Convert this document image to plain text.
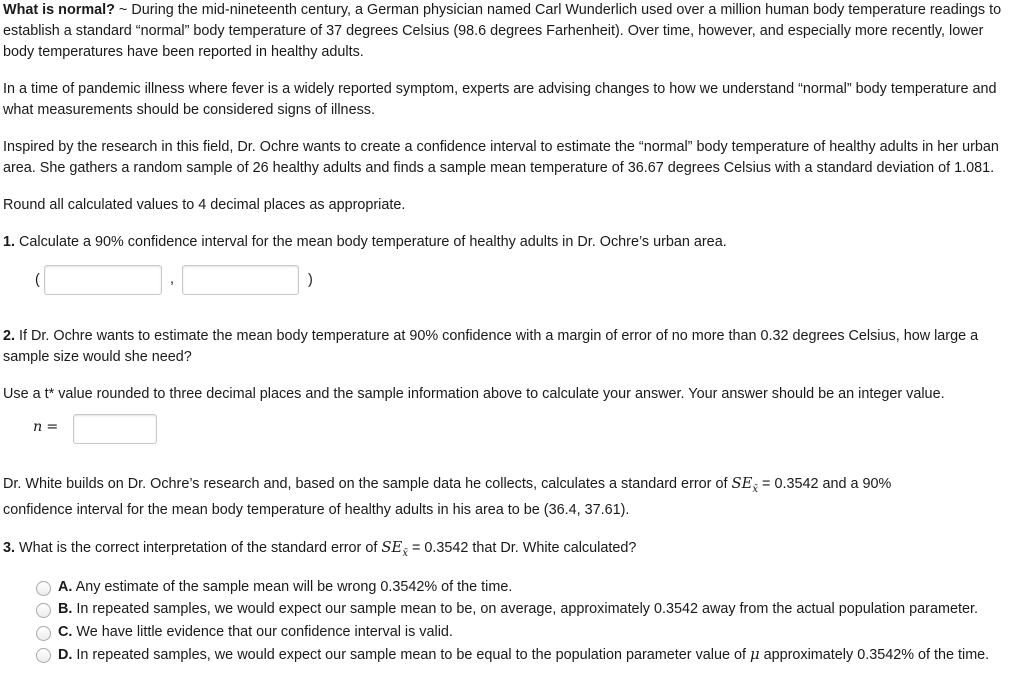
What is normal? ~ During the mid-nineteenth century, a German physician named Carl Wunderlich used over a million human body temperature readings to establish a standard “normal” body temperature of 37 degrees Celsius (98.6 degrees Farhenheit). Over time, however, and especially more recently, lower body temperatures have been reported in healthy adults.

In a time of pandemic illness where fever is a widely reported symptom, experts are advising changes to how we understand “normal” body temperature and what measurements should be considered signs of illness.

Inspired by the research in this field, Dr. Ochre wants to create a confidence interval to estimate the “normal” body temperature of healthy adults in her urban area. She gathers a random sample of 26 healthy adults and finds a sample mean temperature of 36.67 degrees Celsius with a standard deviation of 1.081.

Round all calculated values to 4 decimal places as appropriate.

1. Calculate a 90% confidence interval for the mean body temperature of healthy adults in Dr. Ochre’s urban area.

(	,	)

2. If Dr. Ochre wants to estimate the mean body temperature at 90% confidence with a margin of error of no more than 0.32 degrees Celsius, how large a sample size would she need?

Use a t* value rounded to three decimal places and the sample information above to calculate your answer. Your answer should be an integer value.

n =

Dr. White builds on Dr. Ochre’s research and, based on the sample data he collects, calculates a standard error of $SE_{x̄} = 0.3542$ and a 90%
confidence interval for the mean body temperature of healthy adults in his area to be (36.4, 37.61).

3. What is the correct interpretation of the standard error of $SE_{x̄} = 0.3542$ that Dr. White calculated?

A. Any estimate of the sample mean will be wrong 0.3542% of the time.
B. In repeated samples, we would expect our sample mean to be, on average, approximately 0.3542 away from the actual population parameter.
C. We have little evidence that our confidence interval is valid.
D. In repeated samples, we would expect our sample mean to be equal to the population parameter value of μ approximately 0.3542% of the time.
